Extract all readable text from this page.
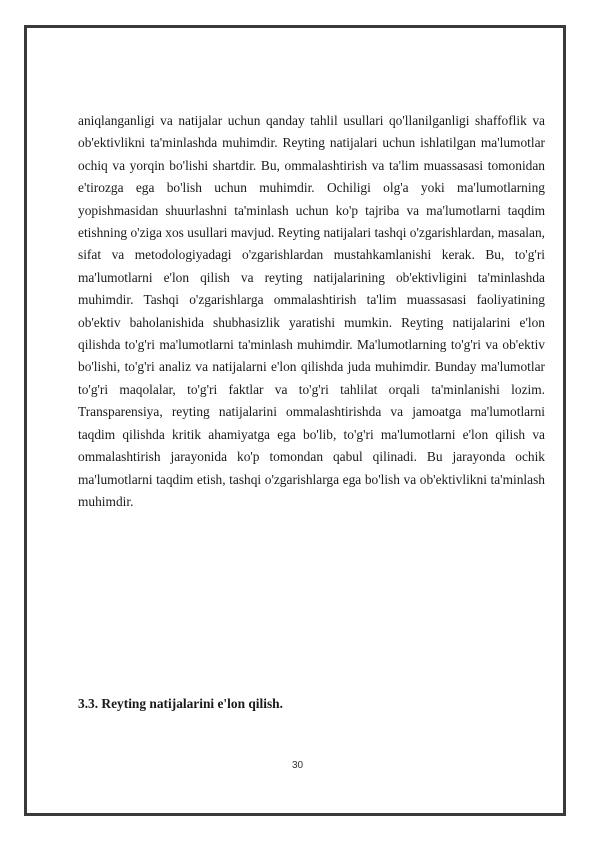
aniqlanganligi va natijalar uchun qanday tahlil usullari qo'llanilganligi shaffoflik va ob'ektivlikni ta'minlashda muhimdir. Reyting natijalari uchun ishlatilgan ma'lumotlar ochiq va yorqin bo'lishi shartdir. Bu, ommalashtirish va ta'lim muassasasi tomonidan e'tirozga ega bo'lish uchun muhimdir. Ochiligi olg'a yoki ma'lumotlarning yopishmasidan shuurlashni ta'minlash uchun ko'p tajriba va ma'lumotlarni taqdim etishning o'ziga xos usullari mavjud. Reyting natijalari tashqi o'zgarishlardan, masalan, sifat va metodologiyadagi o'zgarishlardan mustahkamlanishi kerak. Bu, to'g'ri ma'lumotlarni e'lon qilish va reyting natijalarining ob'ektivligini ta'minlashda muhimdir. Tashqi o'zgarishlarga ommalashtirish ta'lim muassasasi faoliyatining ob'ektiv baholanishida shubhasizlik yaratishi mumkin. Reyting natijalarini e'lon qilishda to'g'ri ma'lumotlarni ta'minlash muhimdir. Ma'lumotlarning to'g'ri va ob'ektiv bo'lishi, to'g'ri analiz va natijalarni e'lon qilishda juda muhimdir. Bunday ma'lumotlar to'g'ri maqolalar, to'g'ri faktlar va to'g'ri tahlilat orqali ta'minlanishi lozim. Transparensiya, reyting natijalarini ommalashtirishda va jamoatga ma'lumotlarni taqdim qilishda kritik ahamiyatga ega bo'lib, to'g'ri ma'lumotlarni e'lon qilish va ommalashtirish jarayonida ko'p tomondan qabul qilinadi. Bu jarayonda ochik ma'lumotlarni taqdim etish, tashqi o'zgarishlarga ega bo'lish va ob'ektivlikni ta'minlash muhimdir.

3.3. Reyting natijalarini e'lon qilish.
30
